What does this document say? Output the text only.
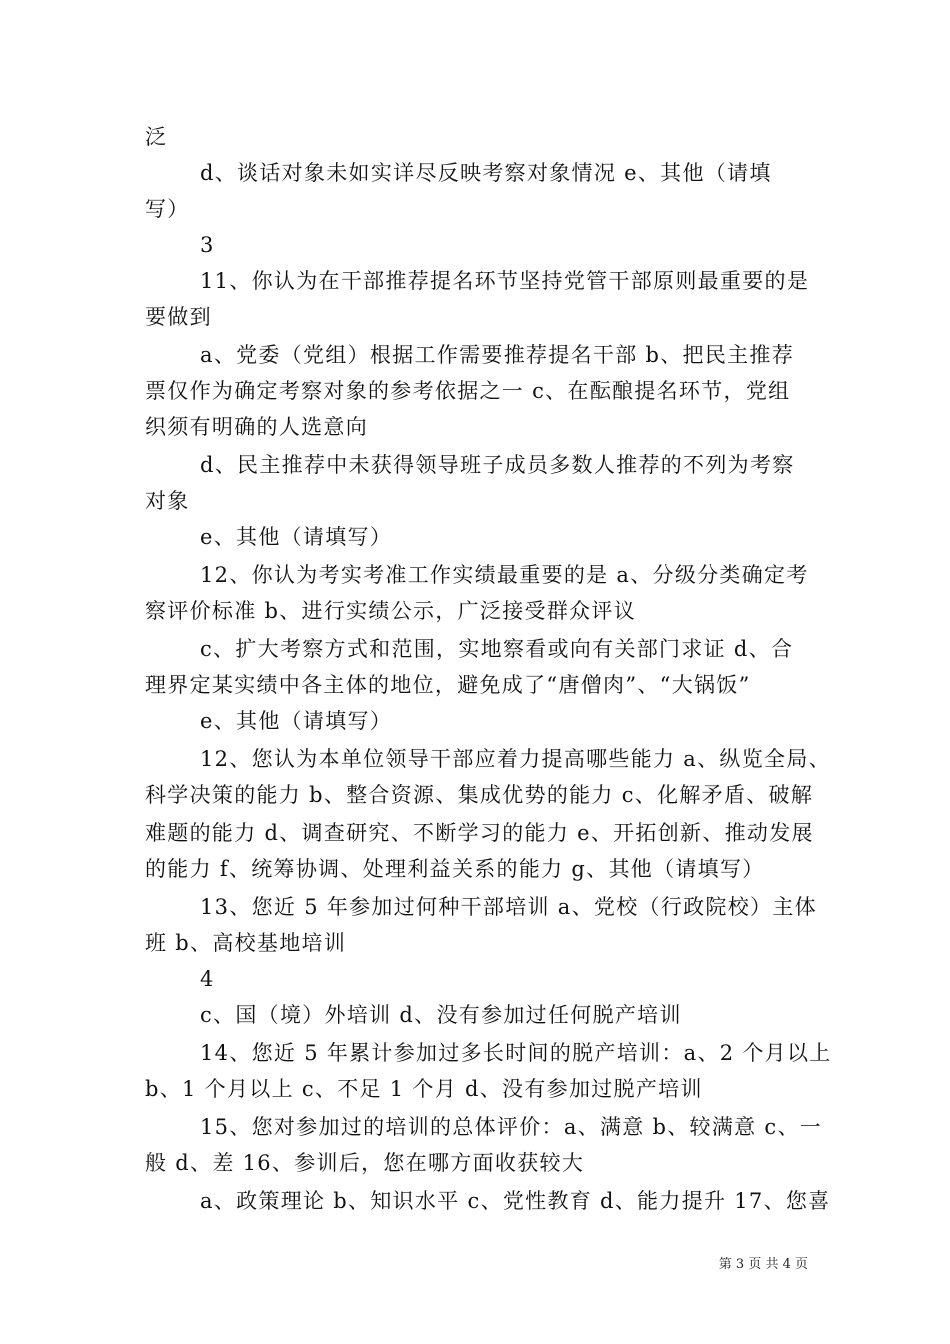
泛
d、谈话对象未如实详尽反映考察对象情况 e、其他（请填
写）
3
11、你认为在干部推荐提名环节坚持党管干部原则最重要的是
要做到
a、党委（党组）根据工作需要推荐提名干部 b、把民主推荐
票仅作为确定考察对象的参考依据之一 c、在酝酿提名环节，党组
织须有明确的人选意向
d、民主推荐中未获得领导班子成员多数人推荐的不列为考察
对象
e、其他（请填写）
12、你认为考实考准工作实绩最重要的是 a、分级分类确定考
察评价标准 b、进行实绩公示，广泛接受群众评议
c、扩大考察方式和范围，实地察看或向有关部门求证 d、合
理界定某实绩中各主体的地位，避免成了“唐僧肉”、“大锅饭”
e、其他（请填写）
12、您认为本单位领导干部应着力提高哪些能力 a、纵览全局、
科学决策的能力 b、整合资源、集成优势的能力 c、化解矛盾、破解
难题的能力 d、调查研究、不断学习的能力 e、开拓创新、推动发展
的能力 f、统筹协调、处理利益关系的能力 g、其他（请填写）
13、您近 5 年参加过何种干部培训 a、党校（行政院校）主体
班 b、高校基地培训
4
c、国（境）外培训 d、没有参加过任何脱产培训
14、您近 5 年累计参加过多长时间的脱产培训：a、2 个月以上
b、1 个月以上 c、不足 1 个月 d、没有参加过脱产培训
15、您对参加过的培训的总体评价：a、满意 b、较满意 c、一
般 d、差 16、参训后，您在哪方面收获较大
a、政策理论 b、知识水平 c、党性教育 d、能力提升 17、您喜
第 3 页 共 4 页
